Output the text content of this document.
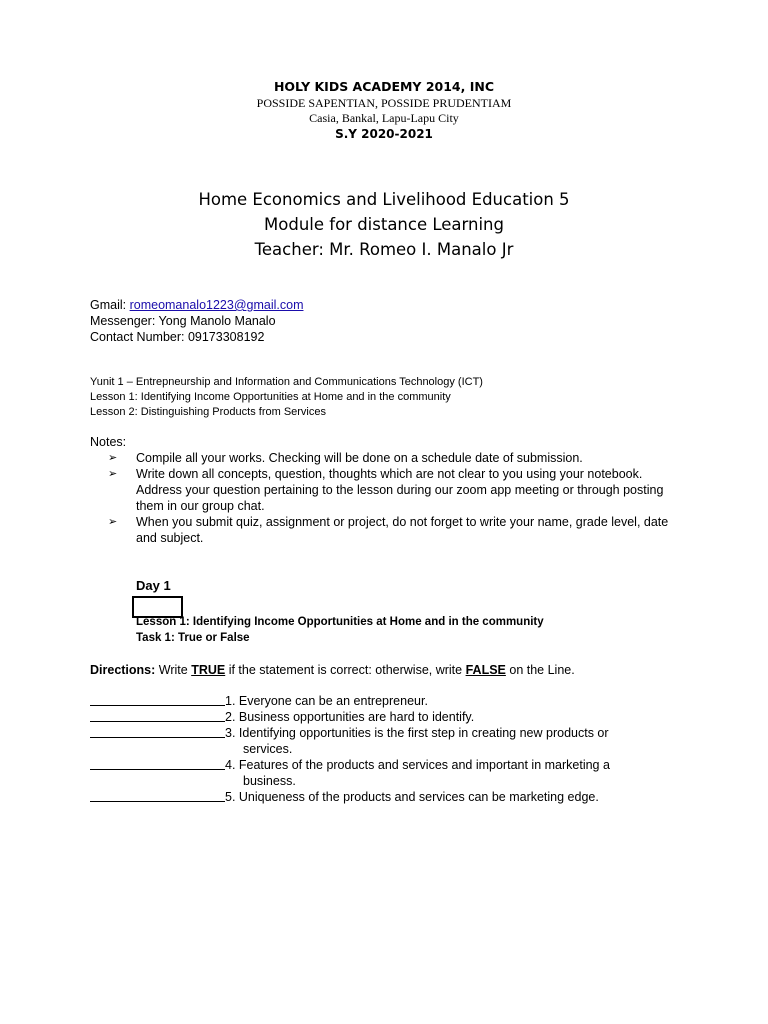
HOLY KIDS ACADEMY 2014, INC
POSSIDE SAPENTIAN, POSSIDE PRUDENTIAM
Casia, Bankal, Lapu-Lapu City
S.Y 2020-2021
Home Economics and Livelihood Education 5
Module for distance Learning
Teacher: Mr. Romeo I. Manalo Jr
Gmail: romeomanalo1223@gmail.com
Messenger: Yong Manolo Manalo
Contact Number: 09173308192
Yunit 1 – Entrepneurship and Information and Communications Technology (ICT)
Lesson 1: Identifying Income Opportunities at Home and in the community
Lesson 2: Distinguishing Products from Services
Notes:
➢ Compile all your works. Checking will be done on a schedule date of submission.
➢ Write down all concepts, question, thoughts which are not clear to you using your notebook. Address your question pertaining to the lesson during our zoom app meeting or through posting them in our group chat.
➢ When you submit quiz, assignment or project, do not forget to write your name, grade level, date and subject.
Day 1
Lesson 1: Identifying Income Opportunities at Home and in the community
Task 1: True or False
Directions: Write TRUE if the statement is correct: otherwise, write FALSE on the Line.
1. Everyone can be an entrepreneur.
2. Business opportunities are hard to identify.
3. Identifying opportunities is the first step in creating new products or
services.
4. Features of the products and services and important in marketing a
business.
5. Uniqueness of the products and services can be marketing edge.
